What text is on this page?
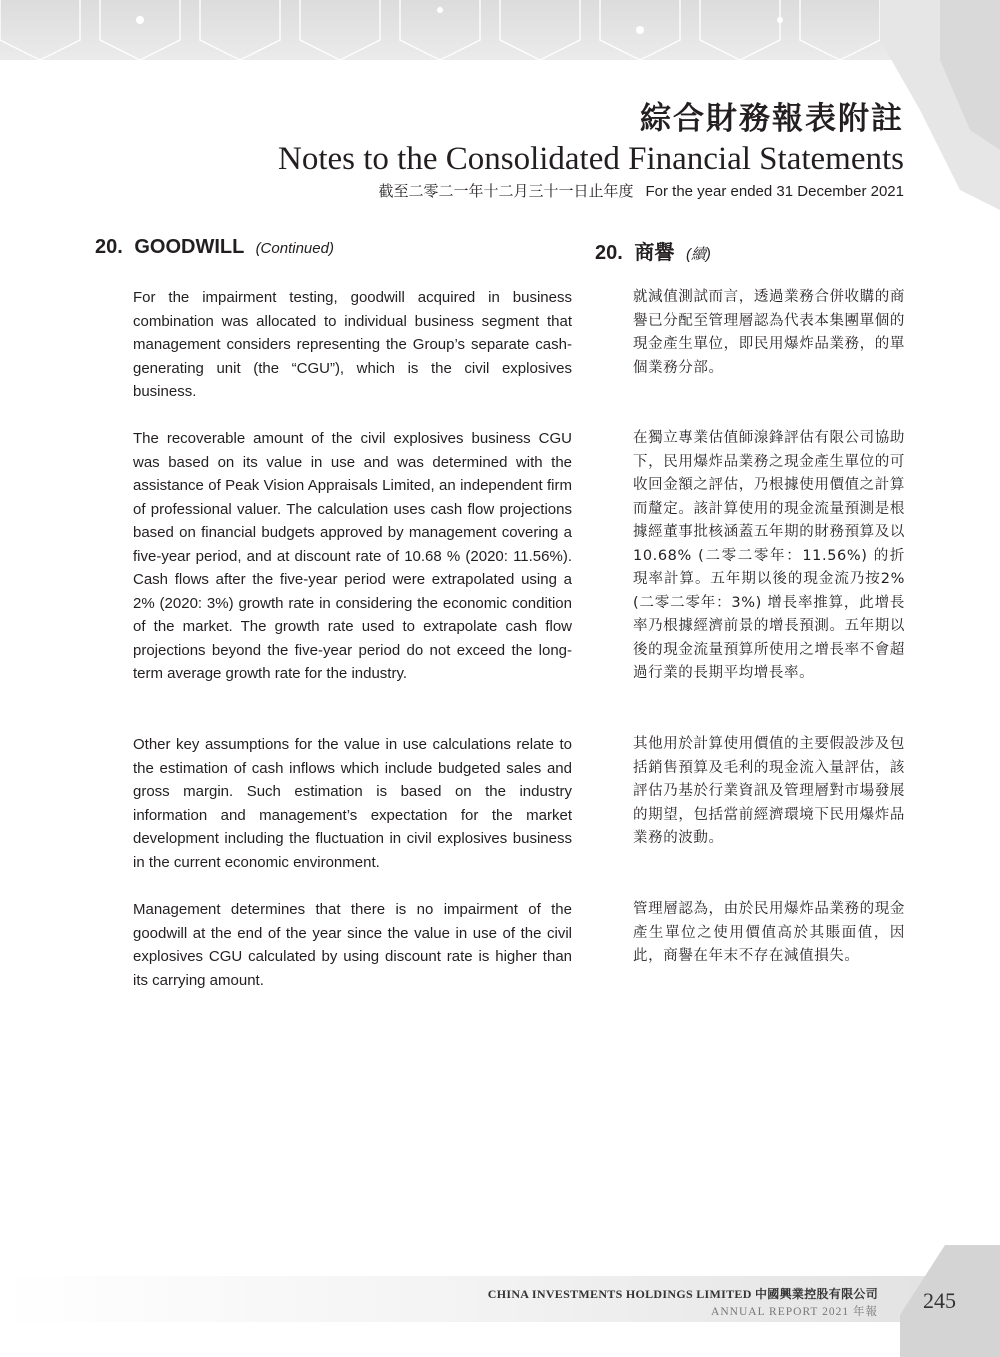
綜合財務報表附註
Notes to the Consolidated Financial Statements
截至二零二一年十二月三十一日止年度 For the year ended 31 December 2021
20. GOODWILL (Continued)	20. 商譽 (續)

For the impairment testing, goodwill acquired in business combination was allocated to individual business segment that management considers representing the Group’s separate cash-generating unit (the “CGU”), which is the civil explosives business.

The recoverable amount of the civil explosives business CGU was based on its value in use and was determined with the assistance of Peak Vision Appraisals Limited, an independent firm of professional valuer. The calculation uses cash flow projections based on financial budgets approved by management covering a five-year period, and at discount rate of 10.68 % (2020: 11.56%). Cash flows after the five-year period were extrapolated using a 2% (2020: 3%) growth rate in considering the economic condition of the market. The growth rate used to extrapolate cash flow projections beyond the five-year period do not exceed the long-term average growth rate for the industry.

Other key assumptions for the value in use calculations relate to the estimation of cash inflows which include budgeted sales and gross margin. Such estimation is based on the industry information and management’s expectation for the market development including the fluctuation in civil explosives business in the current economic environment.

Management determines that there is no impairment of the goodwill at the end of the year since the value in use of the civil explosives CGU calculated by using discount rate is higher than its carrying amount.

就減值測試而言，透過業務合併收購的商譽已分配至管理層認為代表本集團單個的現金產生單位，即民用爆炸品業務，的單個業務分部。

在獨立專業估值師湶鋒評估有限公司協助下，民用爆炸品業務之現金產生單位的可收回金額之評估，乃根據使用價值之計算而釐定。該計算使用的現金流量預測是根據經董事批核涵蓋五年期的財務預算及以10.68% (二零二零年：11.56%) 的折現率計算。五年期以後的現金流乃按2% (二零二零年：3%) 增長率推算，此增長率乃根據經濟前景的增長預測。五年期以後的現金流量預算所使用之增長率不會超過行業的長期平均增長率。

其他用於計算使用價值的主要假設涉及包括銷售預算及毛利的現金流入量評估，該評估乃基於行業資訊及管理層對市場發展的期望，包括當前經濟環境下民用爆炸品業務的波動。

管理層認為，由於民用爆炸品業務的現金產生單位之使用價值高於其賬面值，因此，商譽在年末不存在減值損失。

CHINA INVESTMENTS HOLDINGS LIMITED 中國興業控股有限公司
ANNUAL REPORT 2021 年報 245
